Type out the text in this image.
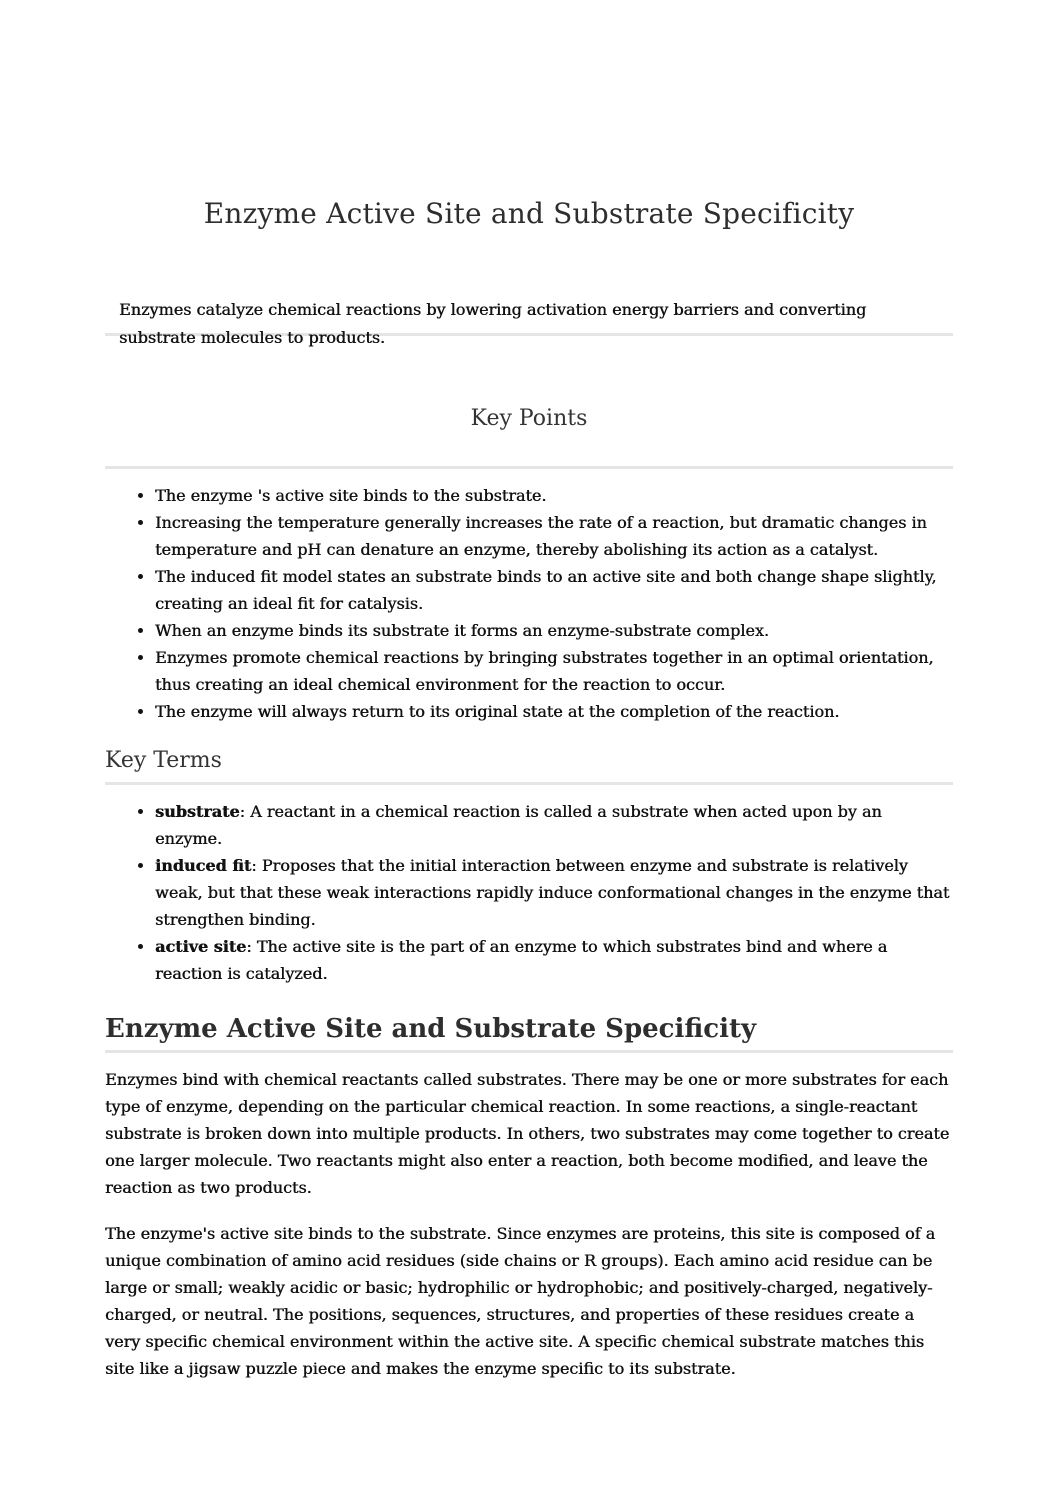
Enzyme Active Site and Substrate Specificity

Enzymes catalyze chemical reactions by lowering activation energy barriers and converting substrate molecules to products.

Key Points
• The enzyme 's active site binds to the substrate.
• Increasing the temperature generally increases the rate of a reaction, but dramatic changes in temperature and pH can denature an enzyme, thereby abolishing its action as a catalyst.
• The induced fit model states an substrate binds to an active site and both change shape slightly, creating an ideal fit for catalysis.
• When an enzyme binds its substrate it forms an enzyme-substrate complex.
• Enzymes promote chemical reactions by bringing substrates together in an optimal orientation, thus creating an ideal chemical environment for the reaction to occur.
• The enzyme will always return to its original state at the completion of the reaction.
Key Terms
• substrate: A reactant in a chemical reaction is called a substrate when acted upon by an enzyme.
• induced fit: Proposes that the initial interaction between enzyme and substrate is relatively weak, but that these weak interactions rapidly induce conformational changes in the enzyme that strengthen binding.
• active site: The active site is the part of an enzyme to which substrates bind and where a reaction is catalyzed.
Enzyme Active Site and Substrate Specificity

Enzymes bind with chemical reactants called substrates. There may be one or more substrates for each type of enzyme, depending on the particular chemical reaction. In some reactions, a single-reactant substrate is broken down into multiple products. In others, two substrates may come together to create one larger molecule. Two reactants might also enter a reaction, both become modified, and leave the reaction as two products.

The enzyme's active site binds to the substrate. Since enzymes are proteins, this site is composed of a unique combination of amino acid residues (side chains or R groups). Each amino acid residue can be large or small; weakly acidic or basic; hydrophilic or hydrophobic; and positively-charged, negatively-charged, or neutral. The positions, sequences, structures, and properties of these residues create a very specific chemical environment within the active site. A specific chemical substrate matches this site like a jigsaw puzzle piece and makes the enzyme specific to its substrate.
